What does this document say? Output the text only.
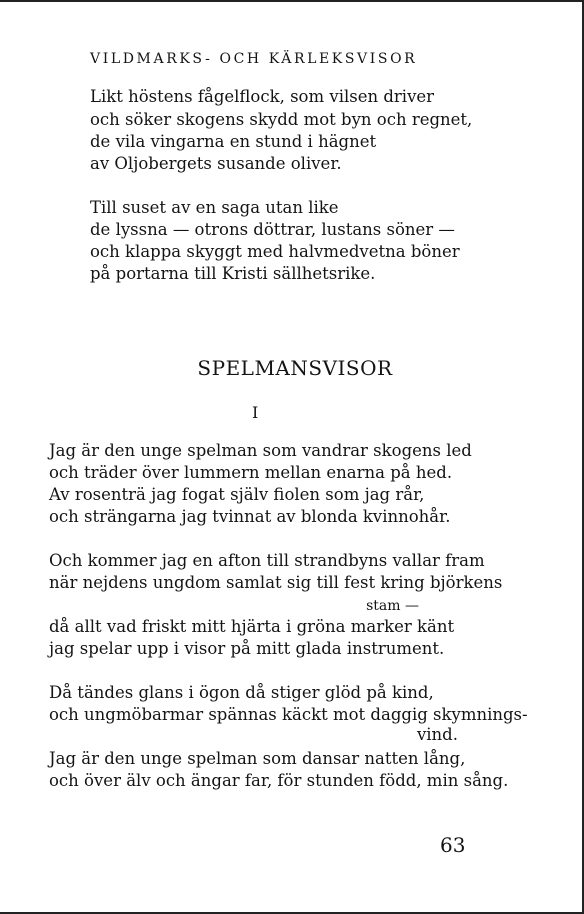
VILDMARKS- OCH KÄRLEKSVISOR
Likt höstens fågelflock, som vilsen driver
och söker skogens skydd mot byn och regnet,
de vila vingarna en stund i hägnet
av Oljobergets susande oliver.
Till suset av en saga utan like
de lyssna — otrons döttrar, lustans söner —
och klappa skyggt med halvmedvetna böner
på portarna till Kristi sällhetsrike.
SPELMANSVISOR
I
Jag är den unge spelman som vandrar skogens led
och träder över lummern mellan enarna på hed.
Av rosenträ jag fogat själv fiolen som jag rår,
och strängarna jag tvinnat av blonda kvinnohår.
Och kommer jag en afton till strandbyns vallar fram
när nejdens ungdom samlat sig till fest kring björkens
stam —
då allt vad friskt mitt hjärta i gröna marker känt
jag spelar upp i visor på mitt glada instrument.
Då tändes glans i ögon då stiger glöd på kind,
och ungmöbarmar spännas käckt mot daggig skymnings-
vind.
Jag är den unge spelman som dansar natten lång,
och över älv och ängar far, för stunden född, min sång.
63
